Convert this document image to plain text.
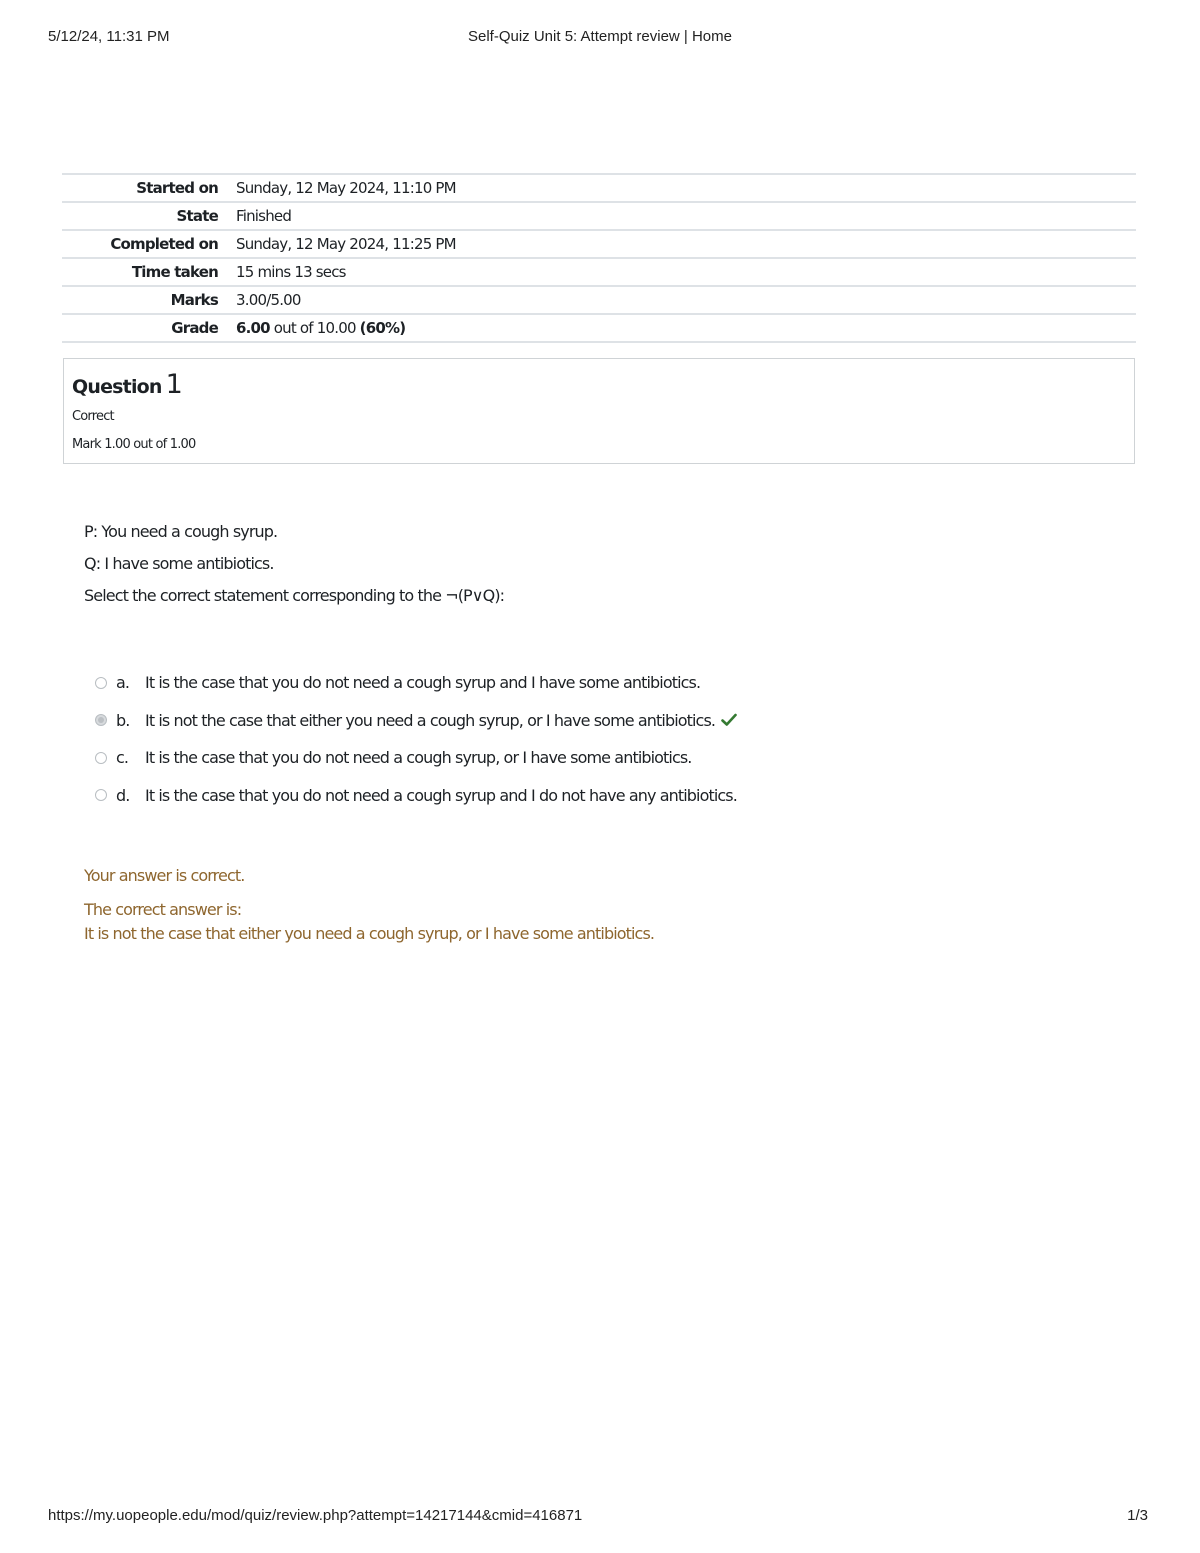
5/12/24, 11:31 PM	Self-Quiz Unit 5: Attempt review | Home
Started on	Sunday, 12 May 2024, 11:10 PM
State	Finished
Completed on	Sunday, 12 May 2024, 11:25 PM
Time taken	15 mins 13 secs
Marks	3.00/5.00
Grade	6.00 out of 10.00 (60%)
Question 1
Correct
Mark 1.00 out of 1.00
P: You need a cough syrup.
Q: I have some antibiotics.
Select the correct statement corresponding to the ¬(P∨Q):
a. It is the case that you do not need a cough syrup and I have some antibiotics.
b. It is not the case that either you need a cough syrup, or I have some antibiotics.
c.	It is the case that you do not need a cough syrup, or I have some antibiotics.
d. It is the case that you do not need a cough syrup and I do not have any antibiotics.
Your answer is correct.
The correct answer is:
It is not the case that either you need a cough syrup, or I have some antibiotics.
https://my.uopeople.edu/mod/quiz/review.php?attempt=14217144&cmid=416871	1/3
